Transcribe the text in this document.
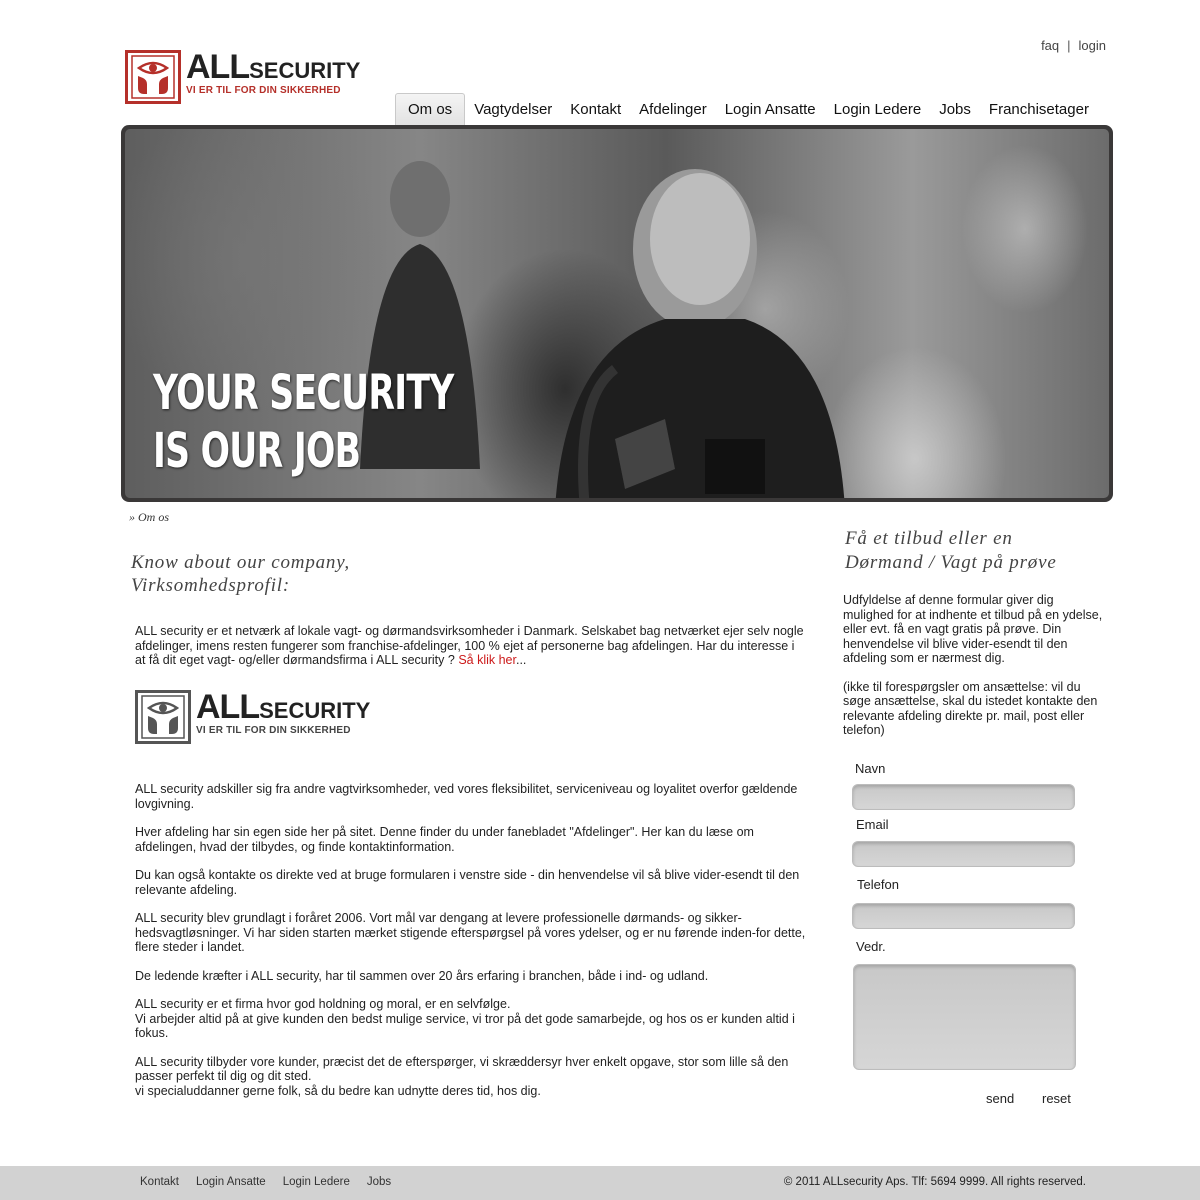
faq | login
ALLSECURITY
VI ER TIL FOR DIN SIKKERHED
Om os	Vagtydelser	Kontakt	Afdelinger	Login Ansatte	Login Ledere	Jobs	Franchisetager
YOUR SECURITY
IS OUR JOB
» Om os
Know about our company,
Virksomhedsprofil:
ALL security er et netværk af lokale vagt- og dørmandsvirksomheder i Danmark. Selskabet bag netværket ejer selv nogle afdelinger, imens resten fungerer som franchise-afdelinger, 100 % ejet af personerne bag afdelingen. Har du interesse i at få dit eget vagt- og/eller dørmandsfirma i ALL security ? Så klik her...
ALLSECURITY
VI ER TIL FOR DIN SIKKERHED

ALL security adskiller sig fra andre vagtvirksomheder, ved vores fleksibilitet, serviceniveau og loyalitet overfor gældende lovgivning.

Hver afdeling har sin egen side her på sitet. Denne finder du under fanebladet "Afdelinger". Her kan du læse om afdelingen, hvad der tilbydes, og finde kontaktinformation.

Du kan også kontakte os direkte ved at bruge formularen i venstre side - din henvendelse vil så blive vider-esendt til den relevante afdeling.

ALL security blev grundlagt i foråret 2006. Vort mål var dengang at levere professionelle dørmands- og sikker-hedsvagtløsninger. Vi har siden starten mærket stigende efterspørgsel på vores ydelser, og er nu førende inden-for dette, flere steder i landet.

De ledende kræfter i ALL security, har til sammen over 20 års erfaring i branchen, både i ind- og udland.

ALL security er et firma hvor god holdning og moral, er en selvfølge.
Vi arbejder altid på at give kunden den bedst mulige service, vi tror på det gode samarbejde, og hos os er kunden altid i fokus.

ALL security tilbyder vore kunder, præcist det de efterspørger, vi skræddersyr hver enkelt opgave, stor som lille så den passer perfekt til dig og dit sted.
vi specialuddanner gerne folk, så du bedre kan udnytte deres tid, hos dig.

Få et tilbud eller en
Dørmand / Vagt på prøve

Udfyldelse af denne formular giver dig mulighed for at indhente et tilbud på en ydelse, eller evt. få en vagt gratis på prøve. Din henvendelse vil blive vider-esendt til den afdeling som er nærmest dig.

(ikke til forespørgsler om ansættelse: vil du søge ansættelse, skal du istedet kontakte den relevante afdeling direkte pr. mail, post eller telefon)

Navn
Email
Telefon
Vedr.
send reset
Kontakt Login Ansatte Login Ledere Jobs	© 2011 ALLsecurity Aps. Tlf: 5694 9999. All rights reserved.
